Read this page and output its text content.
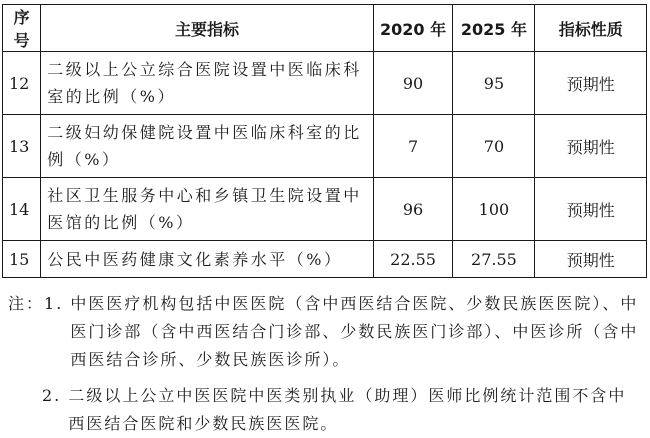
序号	主要指标	2020 年	2025 年	指标性质
12	二级以上公立综合医院设置中医临床科室的比例（%）	90	95	预期性
13	二级妇幼保健院设置中医临床科室的比例（%）	7	70	预期性
14	社区卫生服务中心和乡镇卫生院设置中医馆的比例（%）	96	100	预期性
15	公民中医药健康文化素养水平（%）	22.55	27.55	预期性
注：1. 中医医疗机构包括中医医院（含中西医结合医院、少数民族医医院）、中医门诊部（含中西医结合门诊部、少数民族医门诊部）、中医诊所（含中西医结合诊所、少数民族医诊所）。
2. 二级以上公立中医医院中医类别执业（助理）医师比例统计范围不含中西医结合医院和少数民族医医院。
